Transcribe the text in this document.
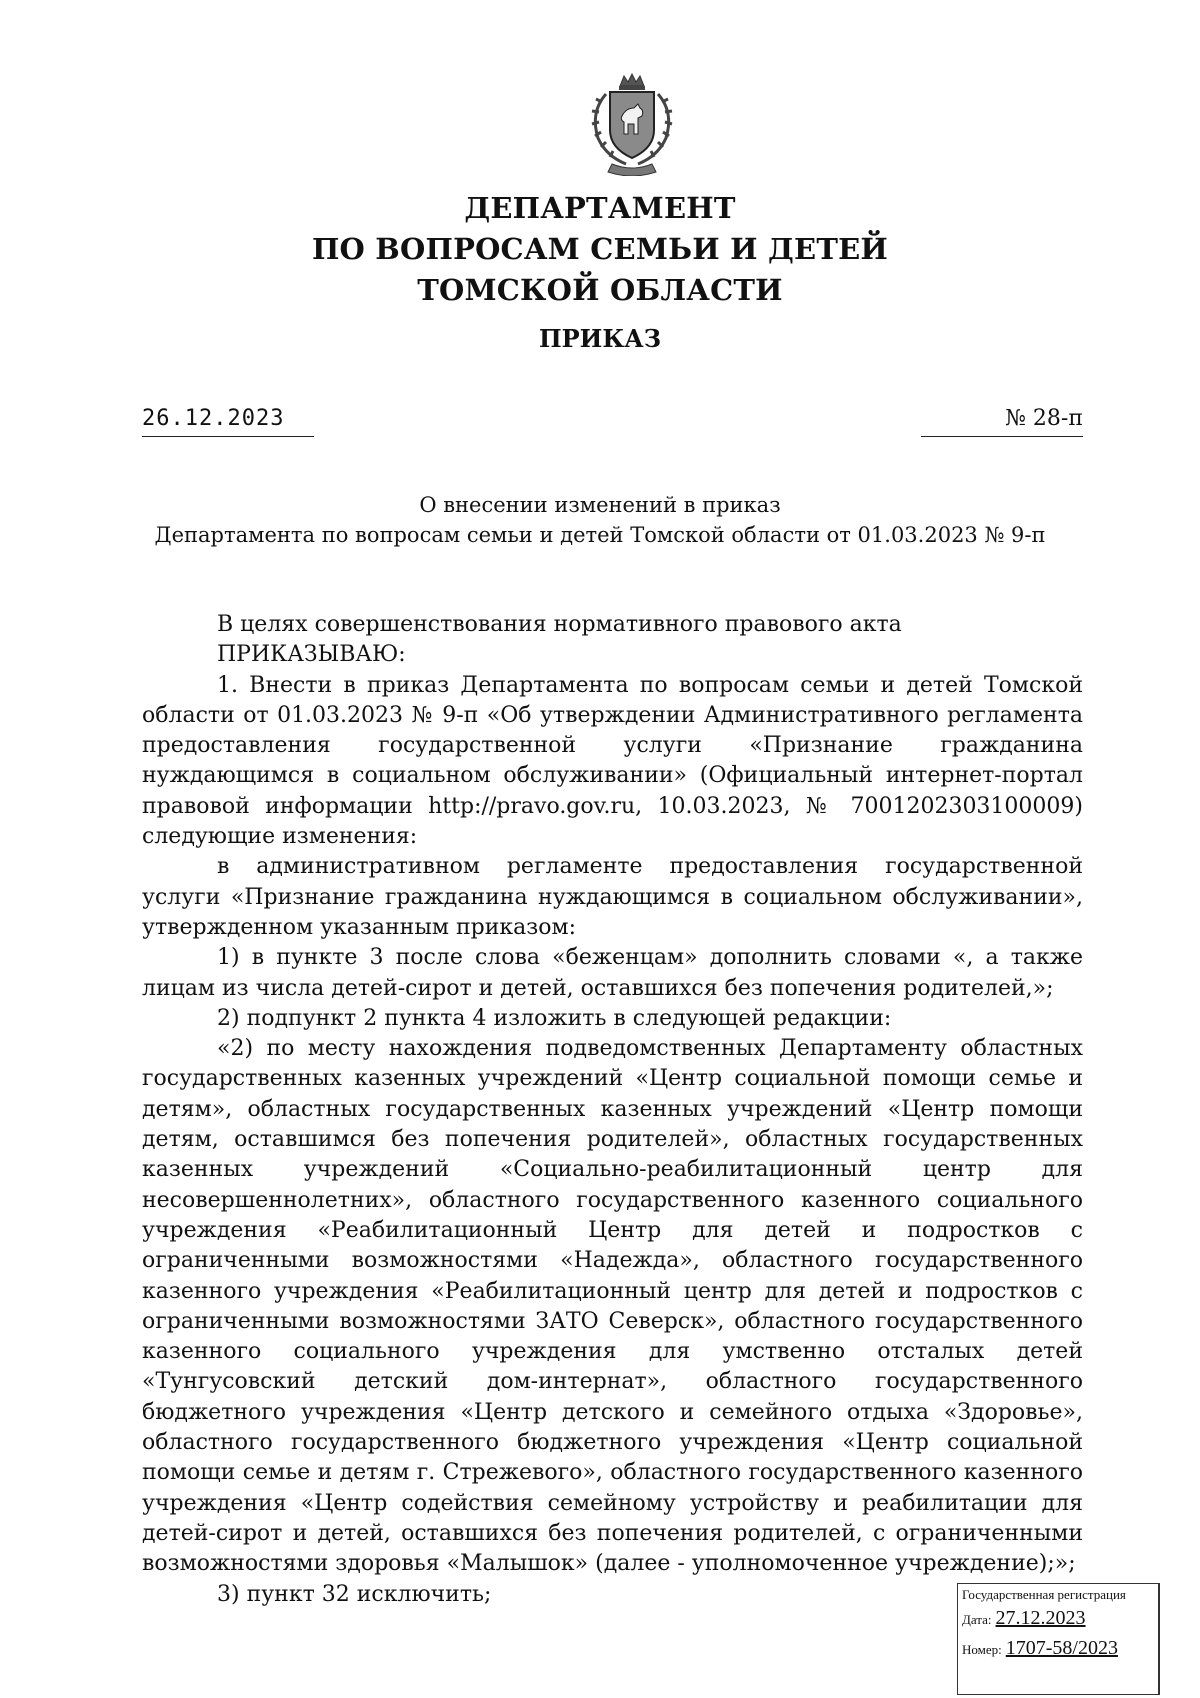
ДЕПАРТАМЕНТ
ПО ВОПРОСАМ СЕМЬИ И ДЕТЕЙ
ТОМСКОЙ ОБЛАСТИ
ПРИКАЗ
26.12.2023	№ 28-п
О внесении изменений в приказ
Департамента по вопросам семьи и детей Томской области от 01.03.2023 № 9-п

В целях совершенствования нормативного правового акта

ПРИКАЗЫВАЮ:

1. Внести в приказ Департамента по вопросам семьи и детей Томской области от 01.03.2023 № 9-п «Об утверждении Административного регламента предоставления государственной услуги «Признание гражданина нуждающимся в социальном обслуживании» (Официальный интернет-портал правовой информации http://pravo.gov.ru, 10.03.2023, № 7001202303100009) следующие изменения:

в административном регламенте предоставления государственной услуги «Признание гражданина нуждающимся в социальном обслуживании», утвержденном указанным приказом:

1) в пункте 3 после слова «беженцам» дополнить словами «, а также лицам из числа детей-сирот и детей, оставшихся без попечения родителей,»;

2) подпункт 2 пункта 4 изложить в следующей редакции:

«2) по месту нахождения подведомственных Департаменту областных государственных казенных учреждений «Центр социальной помощи семье и детям», областных государственных казенных учреждений «Центр помощи детям, оставшимся без попечения родителей», областных государственных казенных учреждений «Социально-реабилитационный центр для несовершеннолетних», областного государственного казенного социального учреждения «Реабилитационный Центр для детей и подростков с ограниченными возможностями «Надежда», областного государственного казенного учреждения «Реабилитационный центр для детей и подростков с ограниченными возможностями ЗАТО Северск», областного государственного казенного социального учреждения для умственно отсталых детей «Тунгусовский детский дом-интернат», областного государственного бюджетного учреждения «Центр детского и семейного отдыха «Здоровье», областного государственного бюджетного учреждения «Центр социальной помощи семье и детям г. Стрежевого», областного государственного казенного учреждения «Центр содействия семейному устройству и реабилитации для детей-сирот и детей, оставшихся без попечения родителей, с ограниченными возможностями здоровья «Малышок» (далее - уполномоченное учреждение);»;

3) пункт 32 исключить;	Государственная регистрация
Дата: 27.12.2023
Номер: 1707-58/2023
